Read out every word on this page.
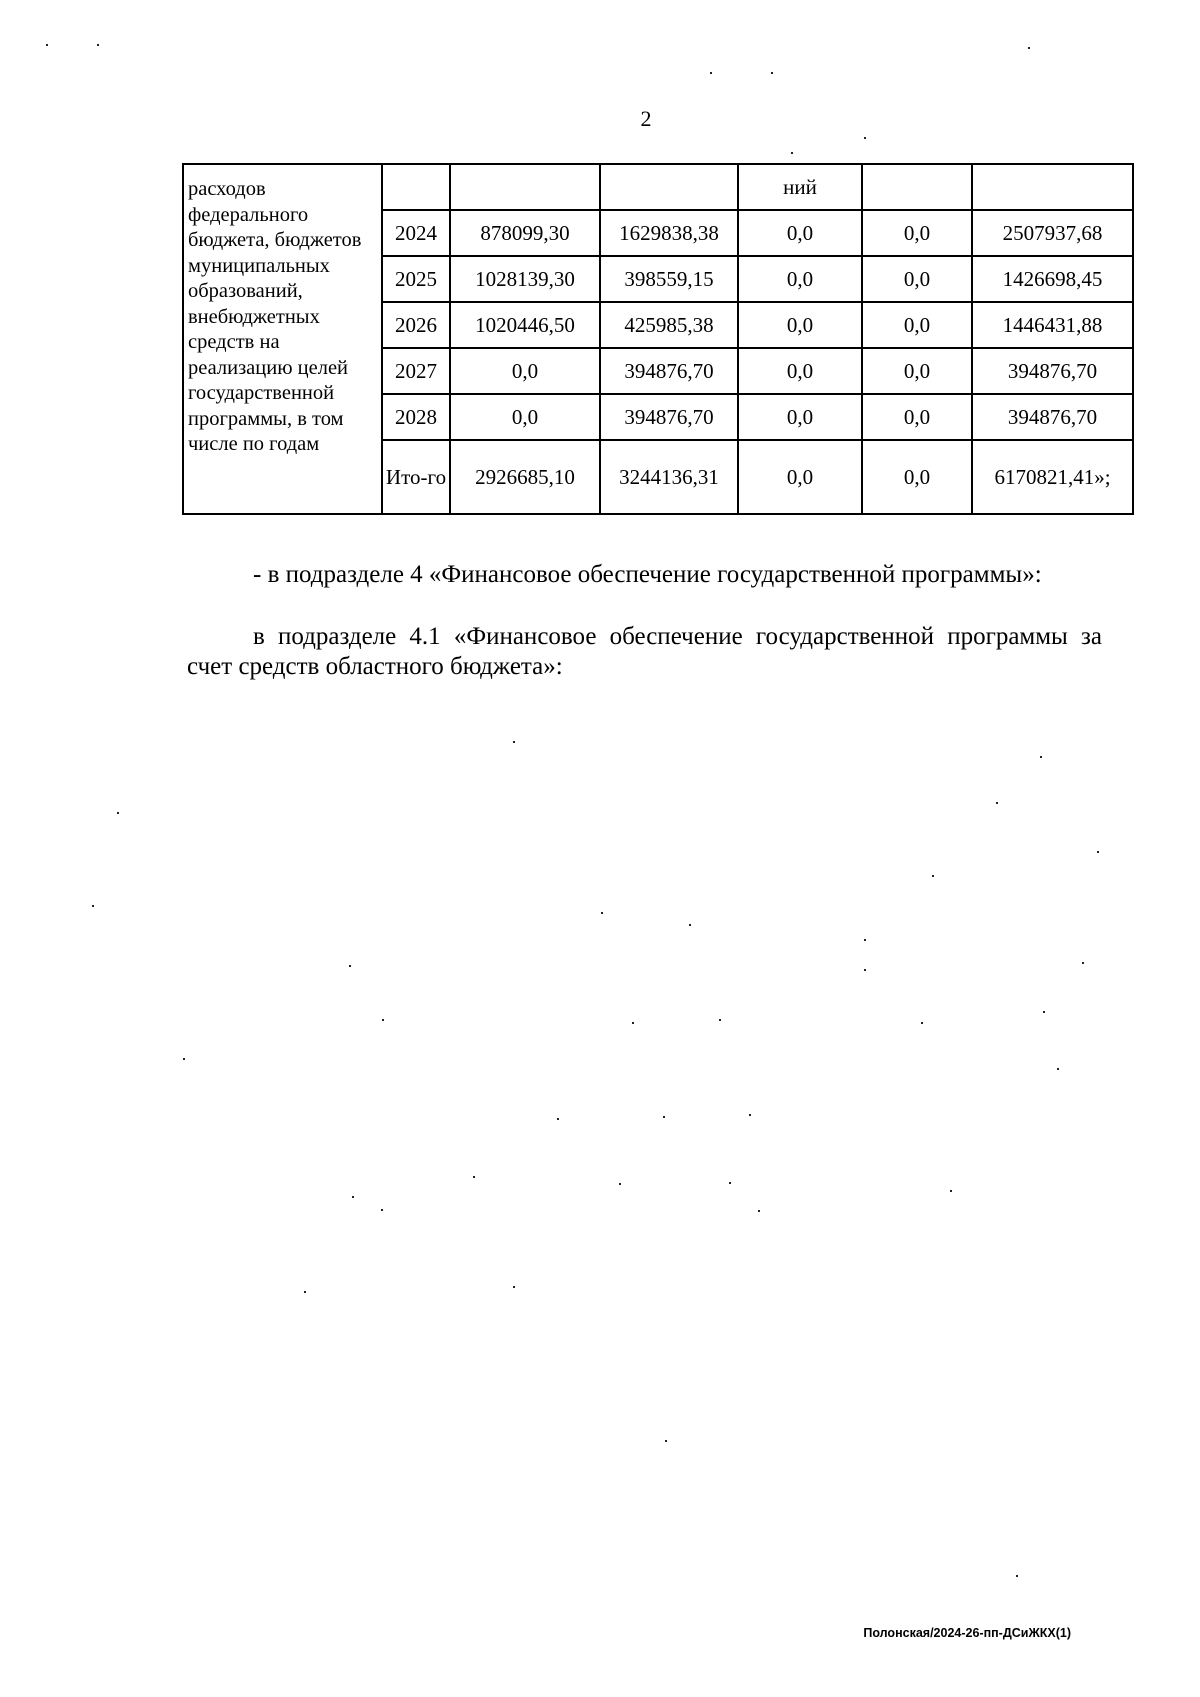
2
расходов федерального бюджета, бюджетов муниципальных образований, внебюджетных средств на реализацию целей государственной программы, в том числе по годам				ний		
	2024	878099,30	1629838,38	0,0	0,0	2507937,68
	2025	1028139,30	398559,15	0,0	0,0	1426698,45
	2026	1020446,50	425985,38	0,0	0,0	1446431,88
	2027	0,0	394876,70	0,0	0,0	394876,70
	2028	0,0	394876,70	0,0	0,0	394876,70
	Ито-го	2926685,10	3244136,31	0,0	0,0	6170821,41»;
- в подразделе 4 «Финансовое обеспечение государственной программы»:
в подразделе 4.1 «Финансовое обеспечение государственной программы за счет средств областного бюджета»:
Полонская/2024-26-пп-ДСиЖКХ(1)
